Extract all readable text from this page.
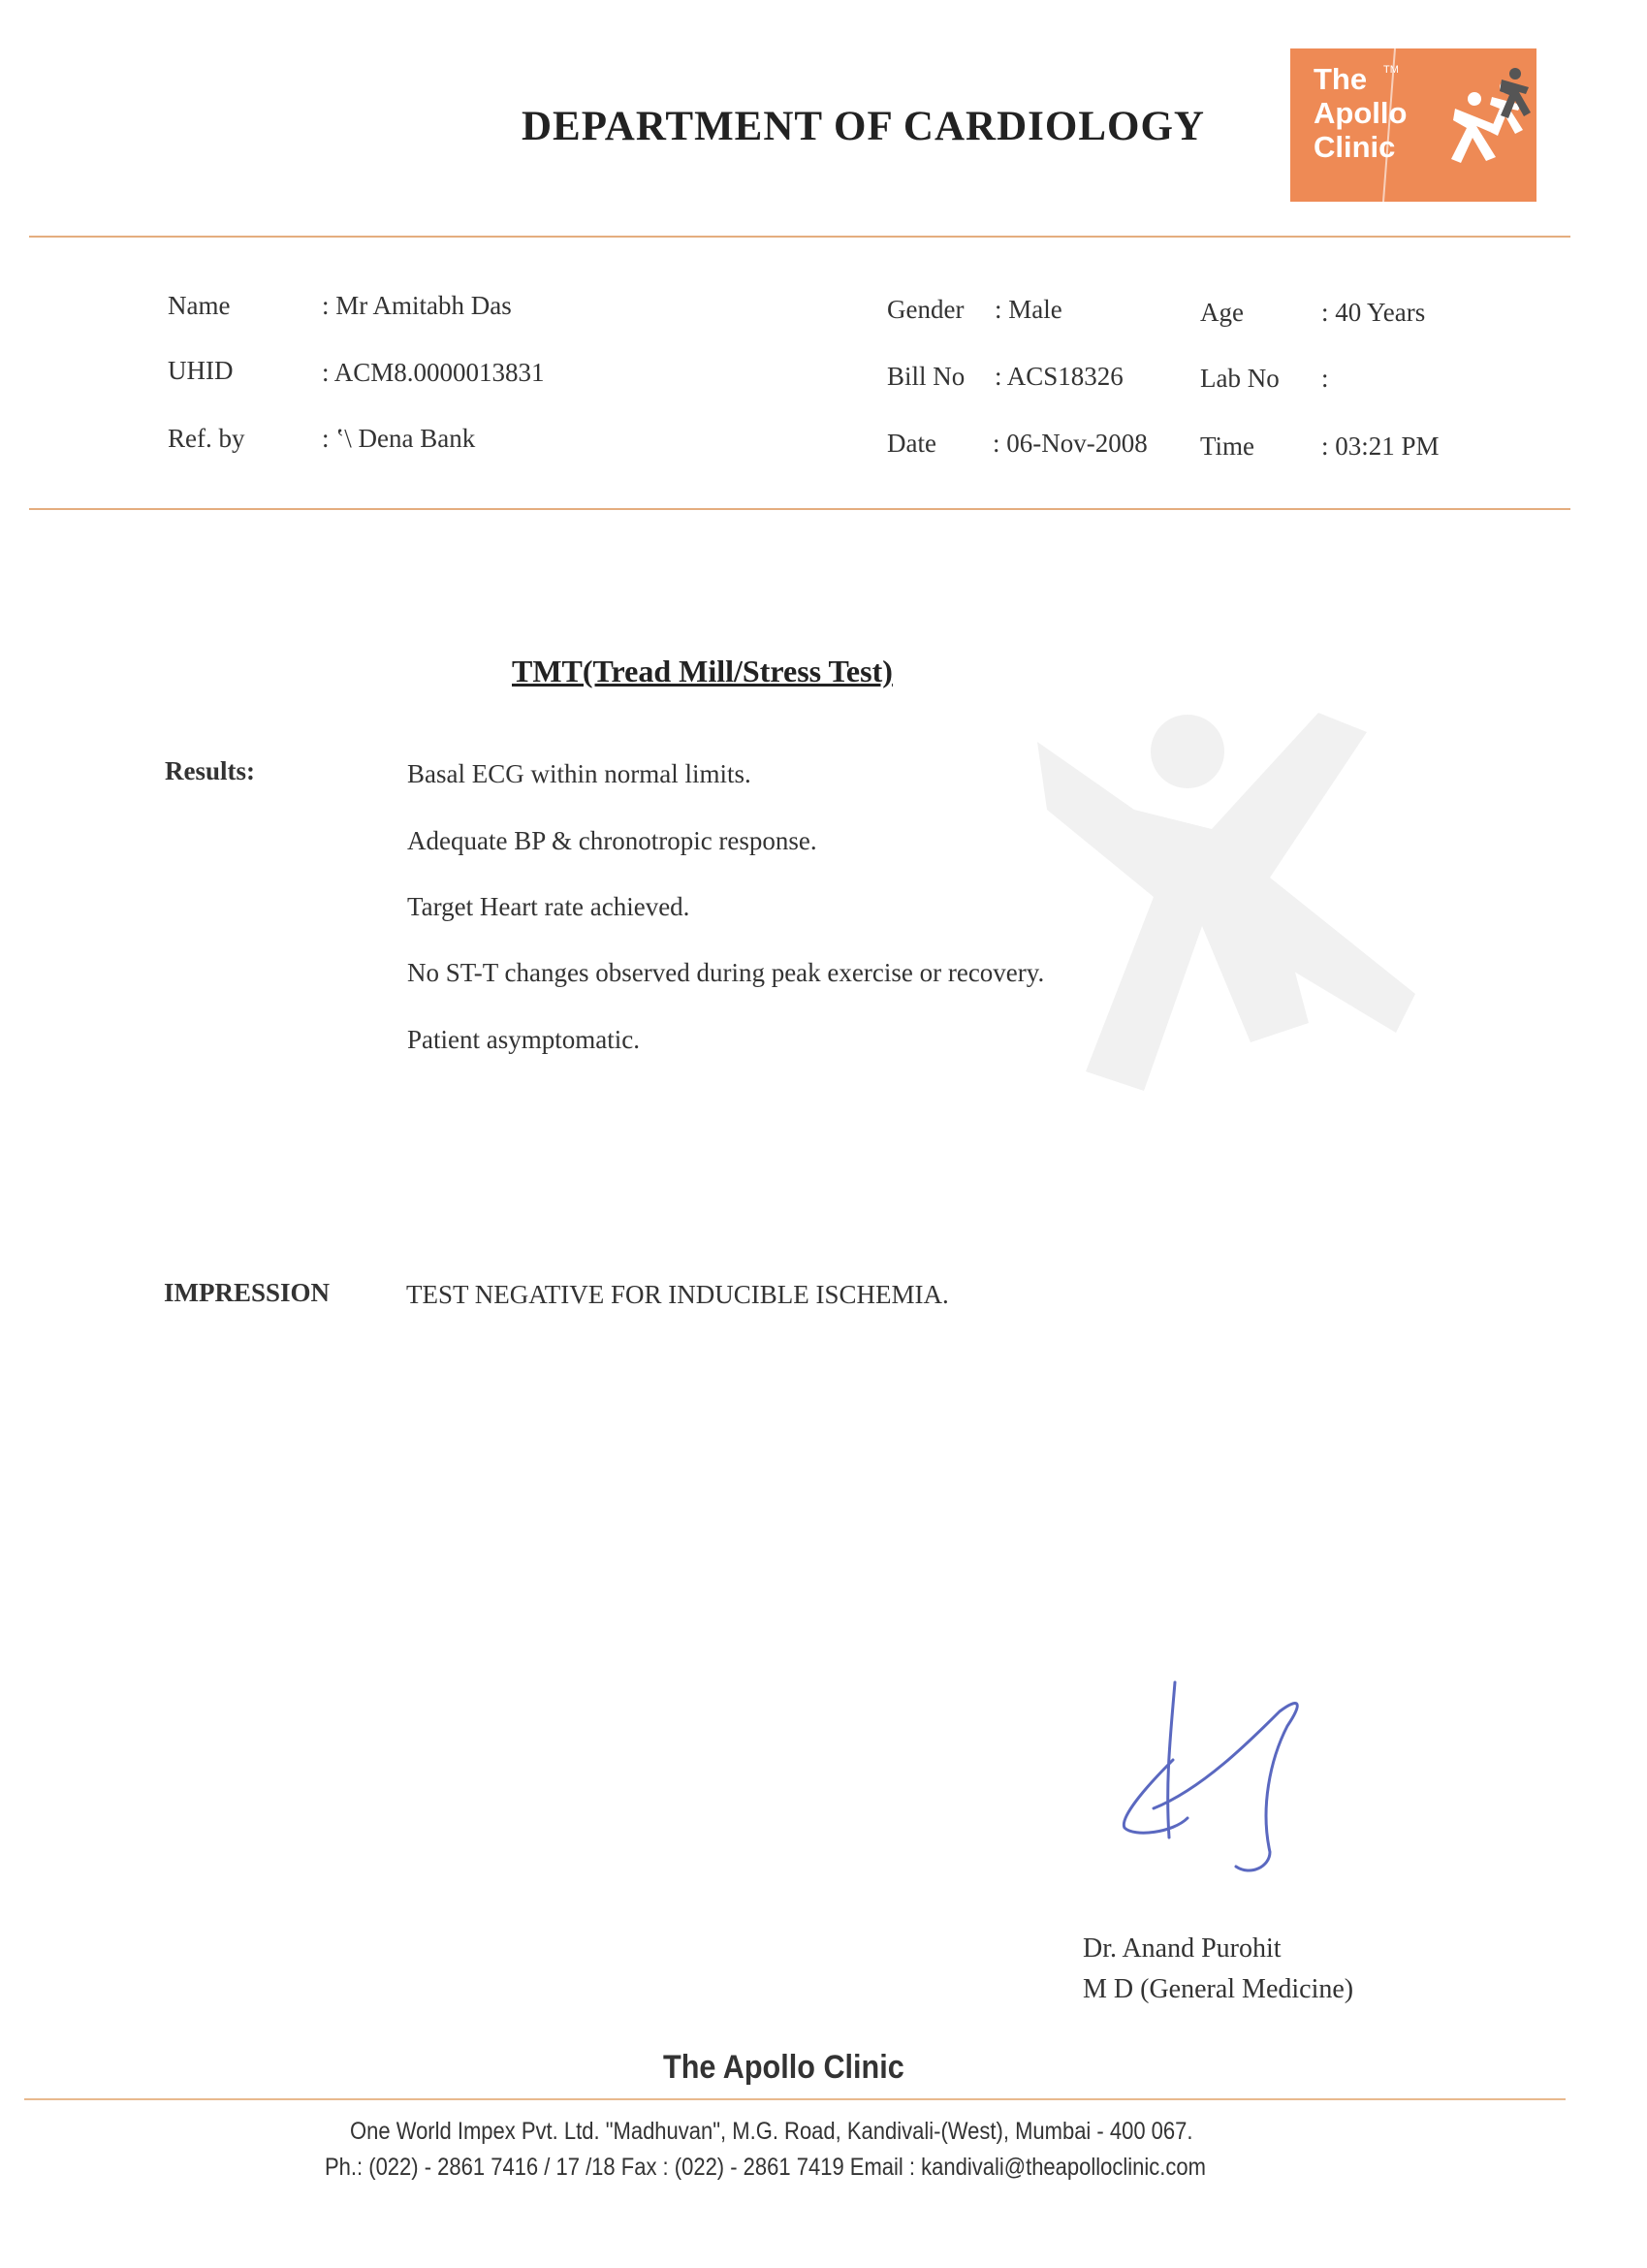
DEPARTMENT OF CARDIOLOGY
The
Apollo
Clinic
TM
Name	: Mr Amitabh Das
UHID	: ACM8.0000013831
Ref. by	: ʽ\ Dena Bank
Gender : Male	Age	: 40 Years
Bill No : ACS18326	Lab No :
Date : 06-Nov-2008 Time	: 03:21 PM
TMT(Tread Mill/Stress Test)
Results:	Basal ECG within normal limits.
Adequate BP & chronotropic response.
Target Heart rate achieved.
No ST-T changes observed during peak exercise or recovery.
Patient asymptomatic.
IMPRESSION	TEST NEGATIVE FOR INDUCIBLE ISCHEMIA.
Dr. Anand Purohit
M D (General Medicine)
The Apollo Clinic
One World Impex Pvt. Ltd. "Madhuvan", M.G. Road, Kandivali-(West), Mumbai - 400 067.
Ph.: (022) - 2861 7416 / 17 /18 Fax : (022) - 2861 7419 Email : kandivali@theapolloclinic.com
